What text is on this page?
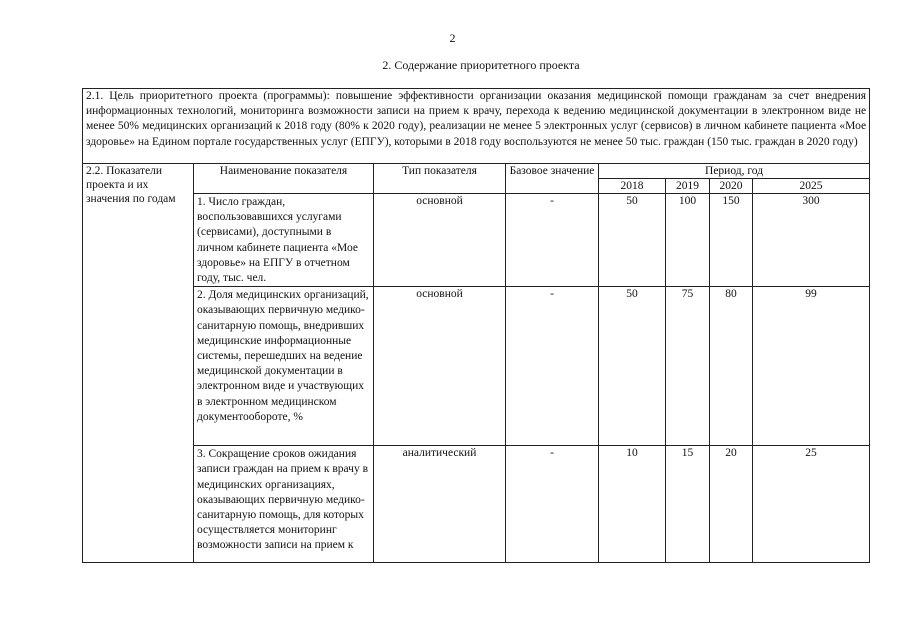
2
2. Содержание приоритетного проекта
2.1. Цель приоритетного проекта (программы): повышение эффективности организации оказания медицинской помощи гражданам за счет внедрения информационных технологий, мониторинга возможности записи на прием к врачу, перехода к ведению медицинской документации в электронном виде не менее 50% медицинских организаций к 2018 году (80% к 2020 году), реализации не менее 5 электронных услуг (сервисов) в личном кабинете пациента «Мое здоровье» на Едином портале государственных услуг (ЕПГУ), которыми в 2018 году воспользуются не менее 50 тыс. граждан (150 тыс. граждан в 2020 году)							
2.2. Показатели проекта и их значения по годам	Наименование показателя	Тип показателя	Базовое значение	Период, год			
				2018	2019	2020	2025

	1. Число граждан, воспользовавшихся услугами (сервисами), доступными в личном кабинете пациента «Мое здоровье» на ЕПГУ в отчетном году, тыс. чел.	основной	-	50	100	150	300

	2. Доля медицинских организаций, оказывающих первичную медико-санитарную помощь, внедривших медицинские информационные системы, перешедших на ведение медицинской документации в электронном виде и участвующих в электронном медицинском документообороте, %	основной	-	50	75	80	99

	3. Сокращение сроков ожидания записи граждан на прием к врачу в медицинских организациях, оказывающих первичную медико-санитарную помощь, для которых осуществляется мониторинг возможности записи на прием к	аналитический	-	10	15	20	25
